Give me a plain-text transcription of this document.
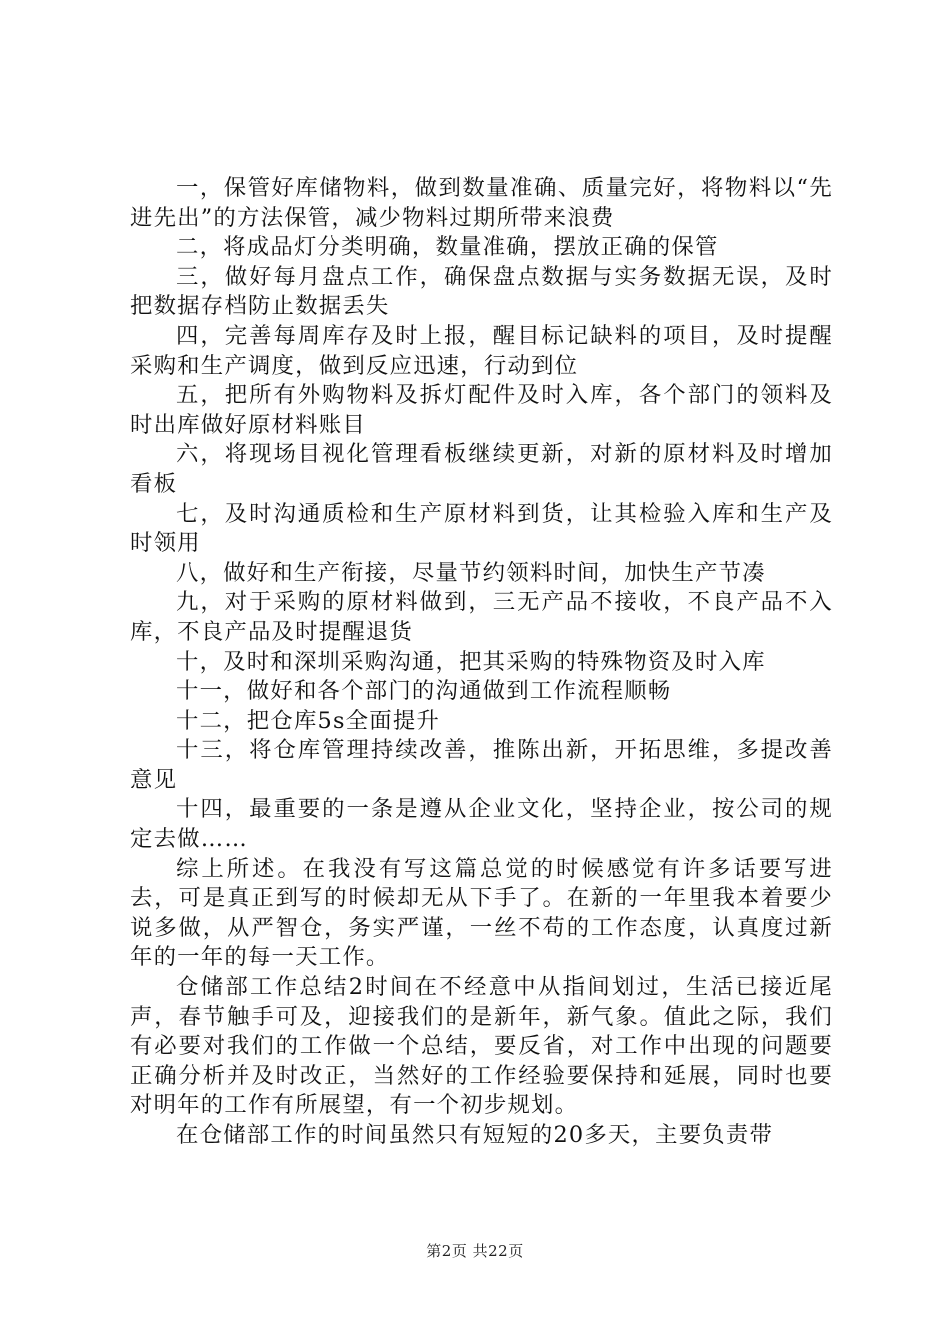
一，保管好库储物料，做到数量准确、质量完好，将物料以“先进先出”的方法保管，减少物料过期所带来浪费

二，将成品灯分类明确，数量准确，摆放正确的保管

三，做好每月盘点工作，确保盘点数据与实务数据无误，及时把数据存档防止数据丢失

四，完善每周库存及时上报，醒目标记缺料的项目，及时提醒采购和生产调度，做到反应迅速，行动到位

五，把所有外购物料及拆灯配件及时入库，各个部门的领料及时出库做好原材料账目

六，将现场目视化管理看板继续更新，对新的原材料及时增加看板

七，及时沟通质检和生产原材料到货，让其检验入库和生产及时领用

八，做好和生产衔接，尽量节约领料时间，加快生产节凑

九，对于采购的原材料做到，三无产品不接收，不良产品不入库，不良产品及时提醒退货

十，及时和深圳采购沟通，把其采购的特殊物资及时入库

十一，做好和各个部门的沟通做到工作流程顺畅

十二，把仓库5s全面提升

十三，将仓库管理持续改善，推陈出新，开拓思维，多提改善意见

十四，最重要的一条是遵从企业文化，坚持企业，按公司的规定去做……

综上所述。在我没有写这篇总觉的时候感觉有许多话要写进去，可是真正到写的时候却无从下手了。在新的一年里我本着要少说多做，从严智仓，务实严谨，一丝不苟的工作态度，认真度过新年的一年的每一天工作。

仓储部工作总结2时间在不经意中从指间划过，生活已接近尾声，春节触手可及，迎接我们的是新年，新气象。值此之际，我们有必要对我们的工作做一个总结，要反省，对工作中出现的问题要正确分析并及时改正，当然好的工作经验要保持和延展，同时也要对明年的工作有所展望，有一个初步规划。

在仓储部工作的时间虽然只有短短的20多天，主要负责带

第2页 共22页
